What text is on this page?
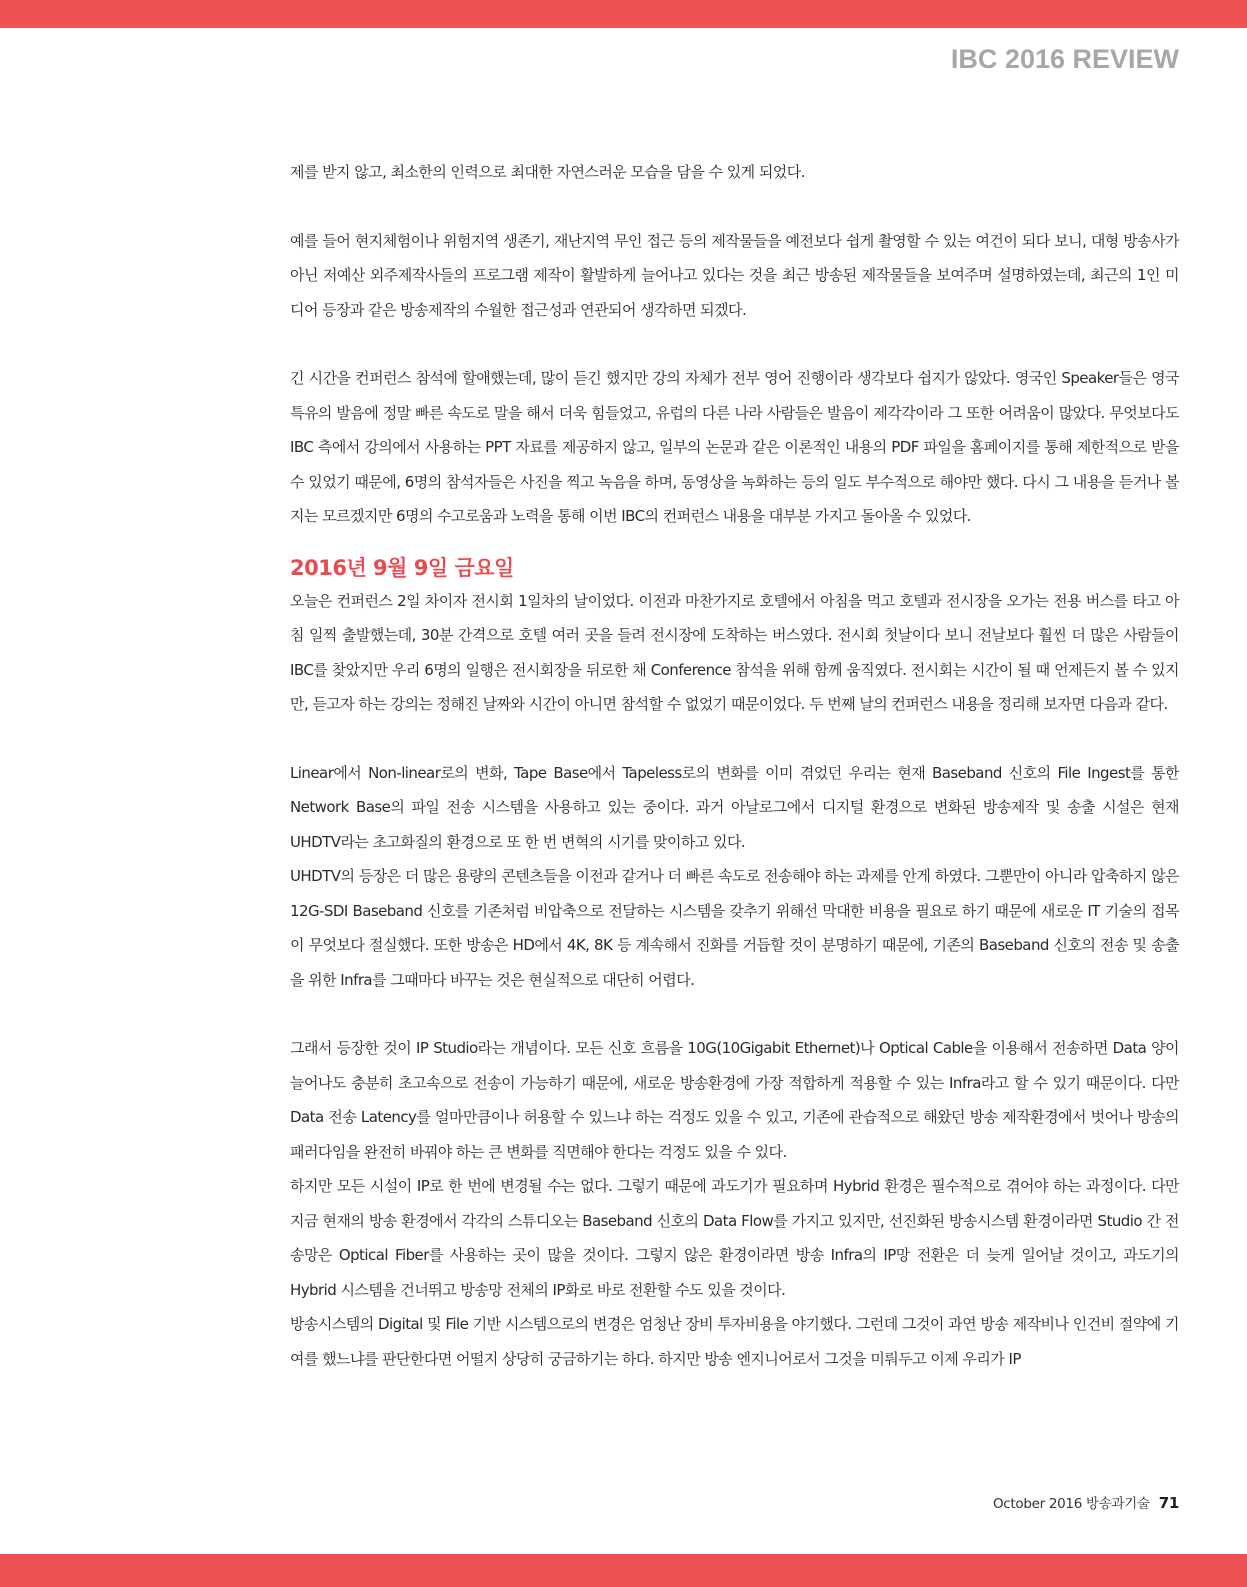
IBC 2016 REVIEW

제를 받지 않고, 최소한의 인력으로 최대한 자연스러운 모습을 담을 수 있게 되었다.

예를 들어 현지체험이나 위험지역 생존기, 재난지역 무인 접근 등의 제작물들을 예전보다 쉽게 촬영할 수 있는 여건이 되다 보니, 대형 방송사가 아닌 저예산 외주제작사들의 프로그램 제작이 활발하게 늘어나고 있다는 것을 최근 방송된 제작물들을 보여주며 설명하였는데, 최근의 1인 미디어 등장과 같은 방송제작의 수월한 접근성과 연관되어 생각하면 되겠다.

긴 시간을 컨퍼런스 참석에 할애했는데, 많이 듣긴 했지만 강의 자체가 전부 영어 진행이라 생각보다 쉽지가 않았다. 영국인 Speaker들은 영국 특유의 발음에 정말 빠른 속도로 말을 해서 더욱 힘들었고, 유럽의 다른 나라 사람들은 발음이 제각각이라 그 또한 어려움이 많았다. 무엇보다도 IBC 측에서 강의에서 사용하는 PPT 자료를 제공하지 않고, 일부의 논문과 같은 이론적인 내용의 PDF 파일을 홈페이지를 통해 제한적으로 받을 수 있었기 때문에, 6명의 참석자들은 사진을 찍고 녹음을 하며, 동영상을 녹화하는 등의 일도 부수적으로 해야만 했다. 다시 그 내용을 듣거나 볼지는 모르겠지만 6명의 수고로움과 노력을 통해 이번 IBC의 컨퍼런스 내용을 대부분 가지고 돌아올 수 있었다.

2016년 9월 9일 금요일

오늘은 컨퍼런스 2일 차이자 전시회 1일차의 날이었다. 이전과 마찬가지로 호텔에서 아침을 먹고 호텔과 전시장을 오가는 전용 버스를 타고 아침 일찍 출발했는데, 30분 간격으로 호텔 여러 곳을 들려 전시장에 도착하는 버스였다. 전시회 첫날이다 보니 전날보다 훨씬 더 많은 사람들이 IBC를 찾았지만 우리 6명의 일행은 전시회장을 뒤로한 채 Conference 참석을 위해 함께 움직였다. 전시회는 시간이 될 때 언제든지 볼 수 있지만, 듣고자 하는 강의는 정해진 날짜와 시간이 아니면 참석할 수 없었기 때문이었다. 두 번째 날의 컨퍼런스 내용을 정리해 보자면 다음과 같다.

Linear에서 Non-linear로의 변화, Tape Base에서 Tapeless로의 변화를 이미 겪었던 우리는 현재 Baseband 신호의 File Ingest를 통한 Network Base의 파일 전송 시스템을 사용하고 있는 중이다. 과거 아날로그에서 디지털 환경으로 변화된 방송제작 및 송출 시설은 현재 UHDTV라는 초고화질의 환경으로 또 한 번 변혁의 시기를 맞이하고 있다.

UHDTV의 등장은 더 많은 용량의 콘텐츠들을 이전과 같거나 더 빠른 속도로 전송해야 하는 과제를 안게 하였다. 그뿐만이 아니라 압축하지 않은 12G-SDI Baseband 신호를 기존처럼 비압축으로 전달하는 시스템을 갖추기 위해선 막대한 비용을 필요로 하기 때문에 새로운 IT 기술의 접목이 무엇보다 절실했다. 또한 방송은 HD에서 4K, 8K 등 계속해서 진화를 거듭할 것이 분명하기 때문에, 기존의 Baseband 신호의 전송 및 송출을 위한 Infra를 그때마다 바꾸는 것은 현실적으로 대단히 어렵다.

그래서 등장한 것이 IP Studio라는 개념이다. 모든 신호 흐름을 10G(10Gigabit Ethernet)나 Optical Cable을 이용해서 전송하면 Data 양이 늘어나도 충분히 초고속으로 전송이 가능하기 때문에, 새로운 방송환경에 가장 적합하게 적용할 수 있는 Infra라고 할 수 있기 때문이다. 다만 Data 전송 Latency를 얼마만큼이나 허용할 수 있느냐 하는 걱정도 있을 수 있고, 기존에 관습적으로 해왔던 방송 제작환경에서 벗어나 방송의 패러다임을 완전히 바꿔야 하는 큰 변화를 직면해야 한다는 걱정도 있을 수 있다.

하지만 모든 시설이 IP로 한 번에 변경될 수는 없다. 그렇기 때문에 과도기가 필요하며 Hybrid 환경은 필수적으로 겪어야 하는 과정이다. 다만 지금 현재의 방송 환경에서 각각의 스튜디오는 Baseband 신호의 Data Flow를 가지고 있지만, 선진화된 방송시스템 환경이라면 Studio 간 전송망은 Optical Fiber를 사용하는 곳이 많을 것이다. 그렇지 않은 환경이라면 방송 Infra의 IP망 전환은 더 늦게 일어날 것이고, 과도기의 Hybrid 시스템을 건너뛰고 방송망 전체의 IP화로 바로 전환할 수도 있을 것이다.

방송시스템의 Digital 및 File 기반 시스템으로의 변경은 엄청난 장비 투자비용을 야기했다. 그런데 그것이 과연 방송 제작비나 인건비 절약에 기여를 했느냐를 판단한다면 어떨지 상당히 궁금하기는 하다. 하지만 방송 엔지니어로서 그것을 미뤄두고 이제 우리가 IP

October 2016 방송과기술 71
